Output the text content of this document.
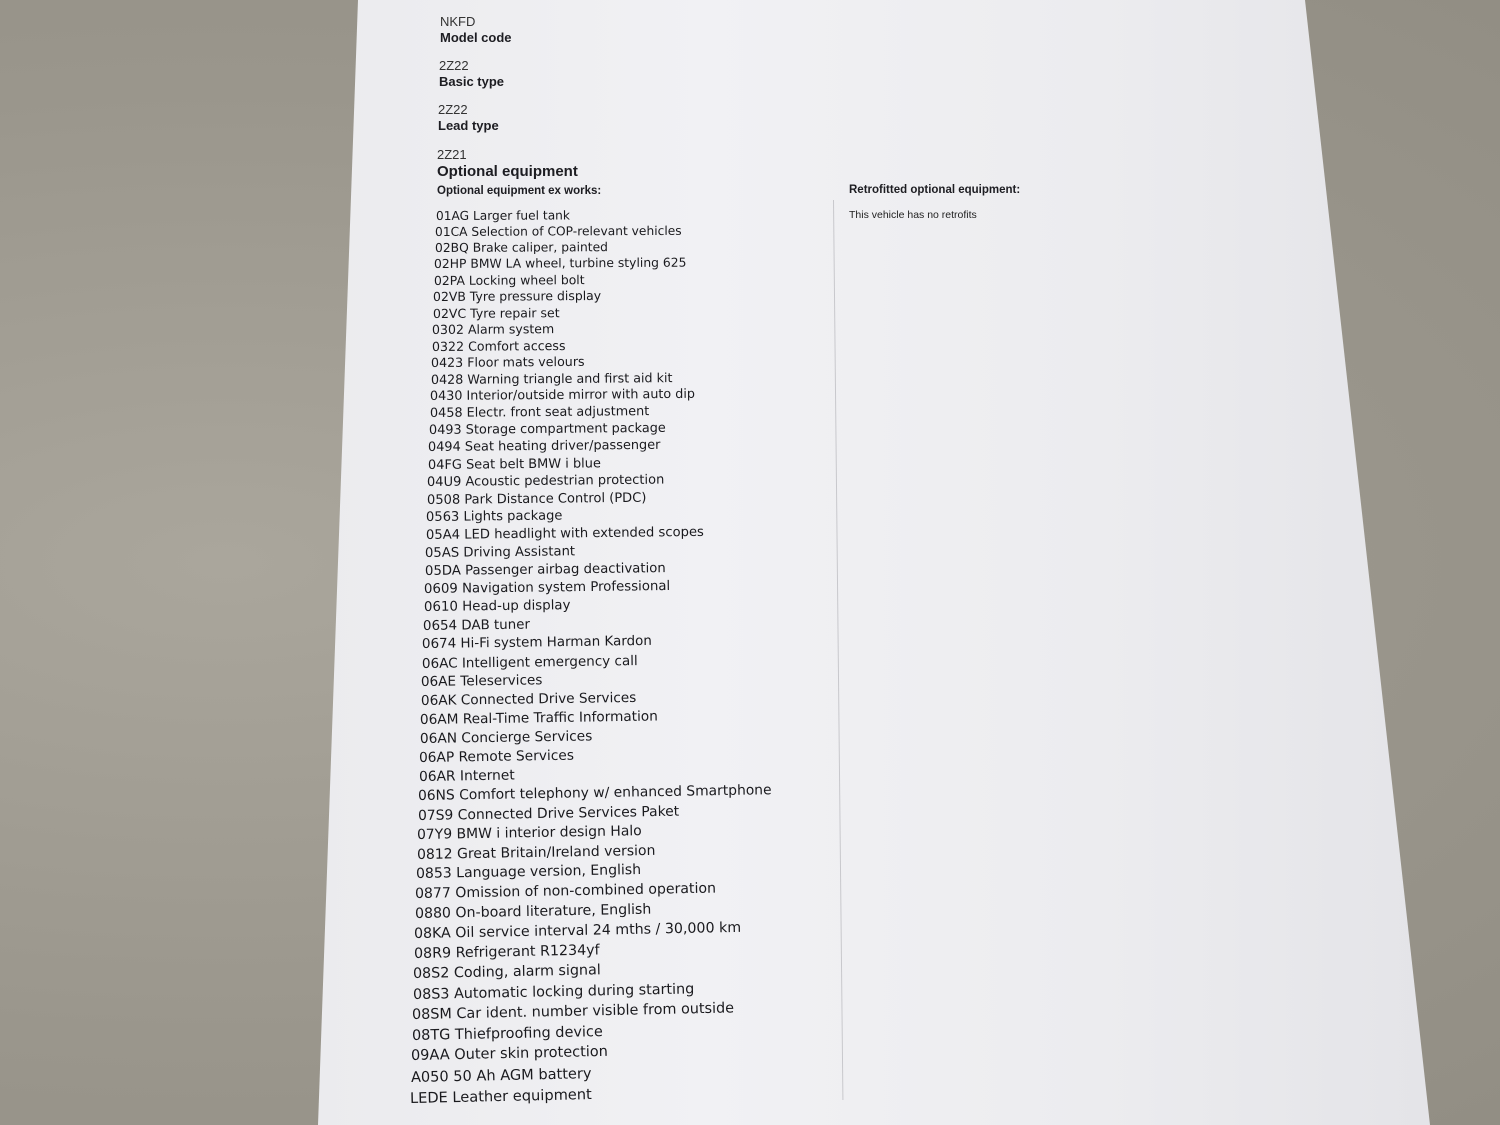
NKFD
Model code
2Z22
Basic type
2Z22
Lead type
2Z21
Optional equipment
Optional equipment ex works:	Retrofitted optional equipment:
This vehicle has no retrofits
01AG Larger fuel tank
01CA Selection of COP-relevant vehicles
02BQ Brake caliper, painted
02HP BMW LA wheel, turbine styling 625
02PA Locking wheel bolt
02VB Tyre pressure display
02VC Tyre repair set
0302 Alarm system
0322 Comfort access
0423 Floor mats velours
0428 Warning triangle and first aid kit
0430 Interior/outside mirror with auto dip
0458 Electr. front seat adjustment
0493 Storage compartment package
0494 Seat heating driver/passenger
04FG Seat belt BMW i blue
04U9 Acoustic pedestrian protection
0508 Park Distance Control (PDC)
0563 Lights package
05A4 LED headlight with extended scopes
05AS Driving Assistant
05DA Passenger airbag deactivation
0609 Navigation system Professional
0610 Head-up display
0654 DAB tuner
0674 Hi-Fi system Harman Kardon
06AC Intelligent emergency call
06AE Teleservices
06AK Connected Drive Services
06AM Real-Time Traffic Information
06AN Concierge Services
06AP Remote Services
06AR Internet
06NS Comfort telephony w/ enhanced Smartphone
07S9 Connected Drive Services Paket
07Y9 BMW i interior design Halo
0812 Great Britain/Ireland version
0853 Language version, English
0877 Omission of non-combined operation
0880 On-board literature, English
08KA Oil service interval 24 mths / 30,000 km
08R9 Refrigerant R1234yf
08S2 Coding, alarm signal
08S3 Automatic locking during starting
08SM Car ident. number visible from outside
08TG Thiefproofing device
09AA Outer skin protection
A050 50 Ah AGM battery
LEDE Leather equipment
